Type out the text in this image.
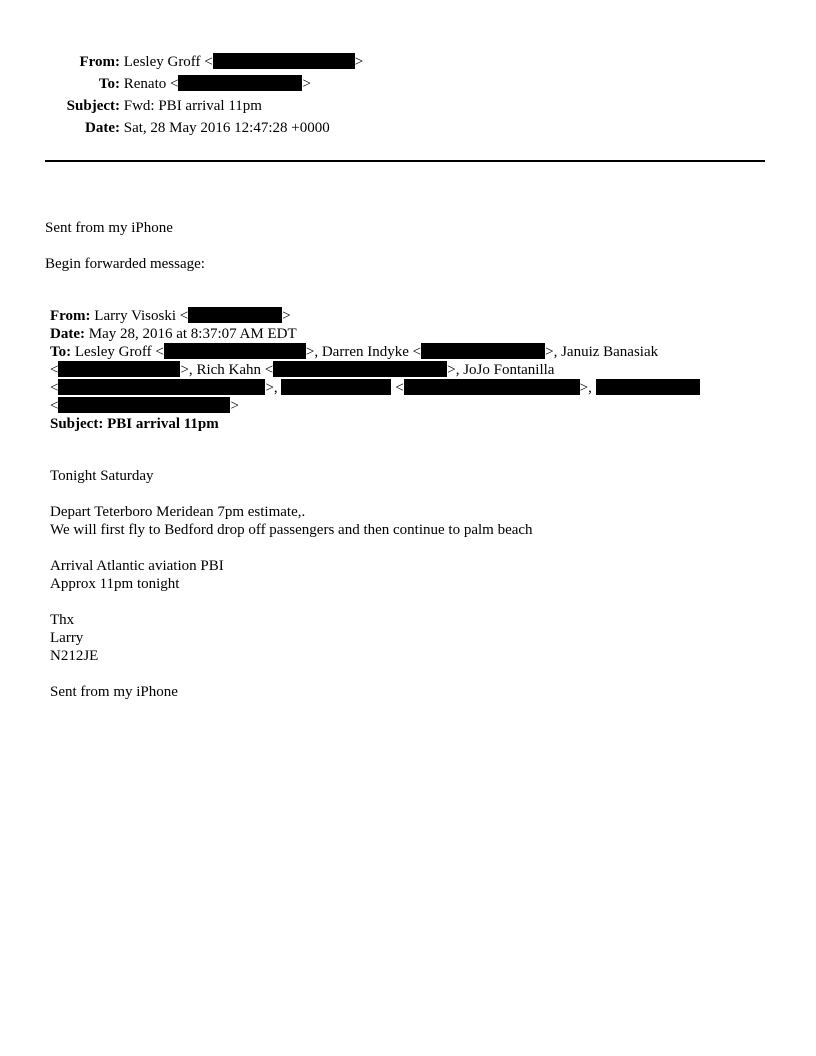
From: Lesley Groff <	>
To: Renato <	>
Subject: Fwd: PBI arrival 11pm
Date: Sat, 28 May 2016 12:47:28 +0000
Sent from my iPhone
Begin forwarded message:
From: Larry Visoski <	>
Date: May 28, 2016 at 8:37:07 AM EDT
To: Lesley Groff <	>, Darren Indyke <	>, Januiz Banasiak
<	>, Rich Kahn <	>, JoJo Fontanilla
<	>,	<	>,
<	>
Subject: PBI arrival 11pm
Tonight Saturday
Depart Teterboro Meridean 7pm estimate,.
We will first fly to Bedford drop off passengers and then continue to palm beach
Arrival Atlantic aviation PBI
Approx 11pm tonight
Thx
Larry
N212JE
Sent from my iPhone
